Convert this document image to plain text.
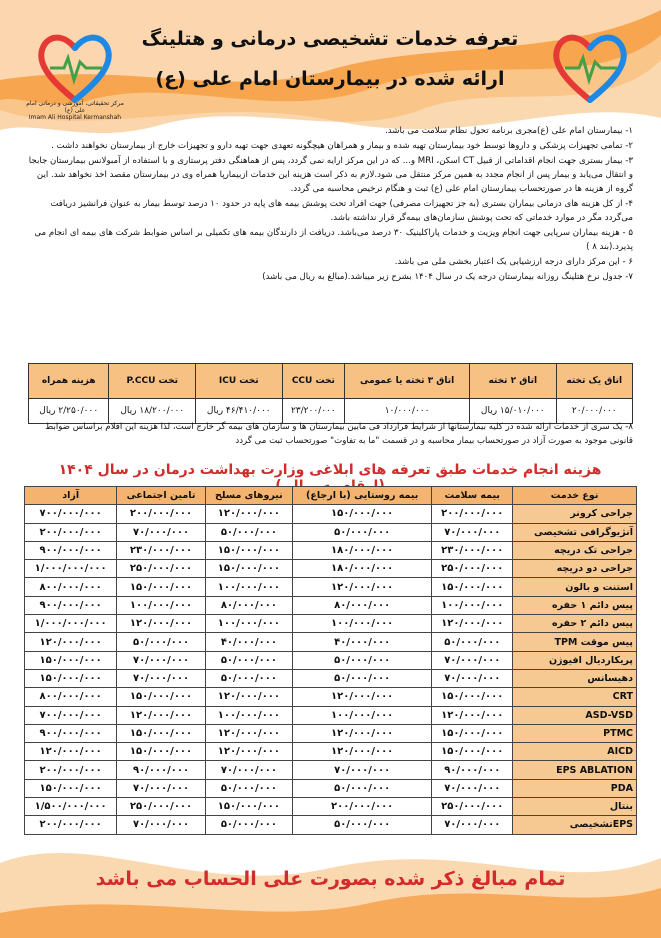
مرکز تحقیقاتی، آموزشی و درمانی امام علی (ع)
Imam Ali Hospital Kermanshah
تعرفه خدمات تشخیصی درمانی و هتلینگ
ارائه شده در بیمارستان امام علی (ع)

۱- بیمارستان امام علی (ع)مجری برنامه تحول نظام سلامت می باشد.

۲- تمامی تجهیزات پزشکی و داروها توسط خود بیمارستان تهیه شده و بیمار و همراهان هیچگونه تعهدی جهت تهیه دارو و تجهیزات خارج از بیمارستان نخواهند داشت .

۳- بیمار بستری جهت انجام اقداماتی از قبیل CT اسکن، MRI و... که در این مرکز ارایه نمی گردد، پس از هماهنگی دفتر پرستاری و با استفاده از آمبولانس بیمارستان جابجا و انتقال می‌یابد و بیمار پس از انجام مجدد به همین مرکز منتقل می شود.لازم به ذکر است هزینه این خدمات ازبیمارپا همراه وی در بیمارستان مقصد اخذ نخواهد شد. این گروه از هزینه ها در صورتحساب بیمارستان امام علی (ع) ثبت و هنگام ترخیص محاسبه می گردد.

۴- از کل هزینه های درمانی بیماران بستری (به جز تجهیزات مصرفی) جهت افراد تحت پوشش بیمه های پایه در حدود ۱۰ درصد توسط بیمار به عنوان فرانشیز دریافت می‌گردد مگر در موارد خدماتی که تحت پوشش سازمان‌های بیمه‌گر قرار نداشته باشد.

۵ - هزینه بیماران سرپایی جهت انجام ویزیت و خدمات پاراکلینیک ۳۰ درصد می‌باشد. دریافت از دارندگان بیمه های تکمیلی بر اساس ضوابط شرکت های بیمه ای انجام می پذیرد.(بند ۸ )

۶ - این مرکز دارای درجه ارزشیابی یک اعتبار بخشی ملی می باشد.

۷- جدول نرخ هتلینگ روزانه بیمارستان درجه یک در سال ۱۴۰۴ بشرح زیر میباشد.(مبالغ به ریال می باشد)

اتاق یک تخته	اتاق ۲ تخته	اتاق ۳ تخته یا عمومی	تخت CCU	تخت ICU	تخت P.CCU	هزینه همراه
۲۰/۰۰۰/۰۰۰	۱۵/۰۱۰/۰۰۰ ریال	۱۰/۰۰۰/۰۰۰	۲۳/۲۰۰/۰۰۰	۴۶/۴۱۰/۰۰۰ ریال	۱۸/۲۰۰/۰۰۰ ریال	۲/۲۵۰/۰۰۰ ریال
۸- یک سری از خدمات ارائه شده در کلیه بیمارستانها از شرایط قرارداد فی مابین بیمارستان ها و سازمان های بیمه گر خارج است، لذا هزینه این اقلام براساس ضوابط قانونی موجود به صورت آزاد در صورتحساب بیمار محاسبه و در قسمت "ما به تفاوت" صورتحساب ثبت می گردد
هزینه انجام خدمات طبق تعرفه های ابلاغی وزارت بهداشت درمان در سال ۱۴۰۴
نوع خدمت	بیمه سلامت	بیمه روستایی (با ارجاع)	نیروهای مسلح	تامین اجتماعی	آزاد
جراحی کرونر	۲۰۰/۰۰۰/۰۰۰	۱۵۰/۰۰۰/۰۰۰	۱۲۰/۰۰۰/۰۰۰	۲۰۰/۰۰۰/۰۰۰	۷۰۰/۰۰۰/۰۰۰
آنژیوگرافی تشخیصی	۷۰/۰۰۰/۰۰۰	۵۰/۰۰۰/۰۰۰	۵۰/۰۰۰/۰۰۰	۷۰/۰۰۰/۰۰۰	۲۰۰/۰۰۰/۰۰۰
جراحی تک دریچه	۲۳۰/۰۰۰/۰۰۰	۱۸۰/۰۰۰/۰۰۰	۱۵۰/۰۰۰/۰۰۰	۲۳۰/۰۰۰/۰۰۰	۹۰۰/۰۰۰/۰۰۰
جراحی دو دریچه	۲۵۰/۰۰۰/۰۰۰	۱۸۰/۰۰۰/۰۰۰	۱۵۰/۰۰۰/۰۰۰	۲۵۰/۰۰۰/۰۰۰	۱/۰۰۰/۰۰۰/۰۰۰
استنت و بالون	۱۵۰/۰۰۰/۰۰۰	۱۲۰/۰۰۰/۰۰۰	۱۰۰/۰۰۰/۰۰۰	۱۵۰/۰۰۰/۰۰۰	۸۰۰/۰۰۰/۰۰۰
پیس دائم ۱ حفره	۱۰۰/۰۰۰/۰۰۰	۸۰/۰۰۰/۰۰۰	۸۰/۰۰۰/۰۰۰	۱۰۰/۰۰۰/۰۰۰	۹۰۰/۰۰۰/۰۰۰
پیس دائم ۲ حفره	۱۲۰/۰۰۰/۰۰۰	۱۰۰/۰۰۰/۰۰۰	۱۰۰/۰۰۰/۰۰۰	۱۲۰/۰۰۰/۰۰۰	۱/۰۰۰/۰۰۰/۰۰۰
پیس موقت TPM	۵۰/۰۰۰/۰۰۰	۴۰/۰۰۰/۰۰۰	۴۰/۰۰۰/۰۰۰	۵۰/۰۰۰/۰۰۰	۱۲۰/۰۰۰/۰۰۰
پریکاردیال افیوژن	۷۰/۰۰۰/۰۰۰	۵۰/۰۰۰/۰۰۰	۵۰/۰۰۰/۰۰۰	۷۰/۰۰۰/۰۰۰	۱۵۰/۰۰۰/۰۰۰
دهیسانس	۷۰/۰۰۰/۰۰۰	۵۰/۰۰۰/۰۰۰	۵۰/۰۰۰/۰۰۰	۷۰/۰۰۰/۰۰۰	۱۵۰/۰۰۰/۰۰۰
CRT	۱۵۰/۰۰۰/۰۰۰	۱۲۰/۰۰۰/۰۰۰	۱۲۰/۰۰۰/۰۰۰	۱۵۰/۰۰۰/۰۰۰	۸۰۰/۰۰۰/۰۰۰
ASD-VSD	۱۲۰/۰۰۰/۰۰۰	۱۰۰/۰۰۰/۰۰۰	۱۰۰/۰۰۰/۰۰۰	۱۲۰/۰۰۰/۰۰۰	۷۰۰/۰۰۰/۰۰۰
PTMC	۱۵۰/۰۰۰/۰۰۰	۱۲۰/۰۰۰/۰۰۰	۱۲۰/۰۰۰/۰۰۰	۱۵۰/۰۰۰/۰۰۰	۹۰۰/۰۰۰/۰۰۰
AICD	۱۵۰/۰۰۰/۰۰۰	۱۲۰/۰۰۰/۰۰۰	۱۲۰/۰۰۰/۰۰۰	۱۵۰/۰۰۰/۰۰۰	۱۲۰/۰۰۰/۰۰۰
EPS ABLATION	۹۰/۰۰۰/۰۰۰	۷۰/۰۰۰/۰۰۰	۷۰/۰۰۰/۰۰۰	۹۰/۰۰۰/۰۰۰	۲۰۰/۰۰۰/۰۰۰
PDA	۷۰/۰۰۰/۰۰۰	۵۰/۰۰۰/۰۰۰	۵۰/۰۰۰/۰۰۰	۷۰/۰۰۰/۰۰۰	۱۵۰/۰۰۰/۰۰۰
بنتال	۲۵۰/۰۰۰/۰۰۰	۲۰۰/۰۰۰/۰۰۰	۱۵۰/۰۰۰/۰۰۰	۲۵۰/۰۰۰/۰۰۰	۱/۵۰۰/۰۰۰/۰۰۰
EPSتشخیصی	۷۰/۰۰۰/۰۰۰	۵۰/۰۰۰/۰۰۰	۵۰/۰۰۰/۰۰۰	۷۰/۰۰۰/۰۰۰	۲۰۰/۰۰۰/۰۰۰
تمام مبالغ ذکر شده بصورت علی الحساب می باشد
